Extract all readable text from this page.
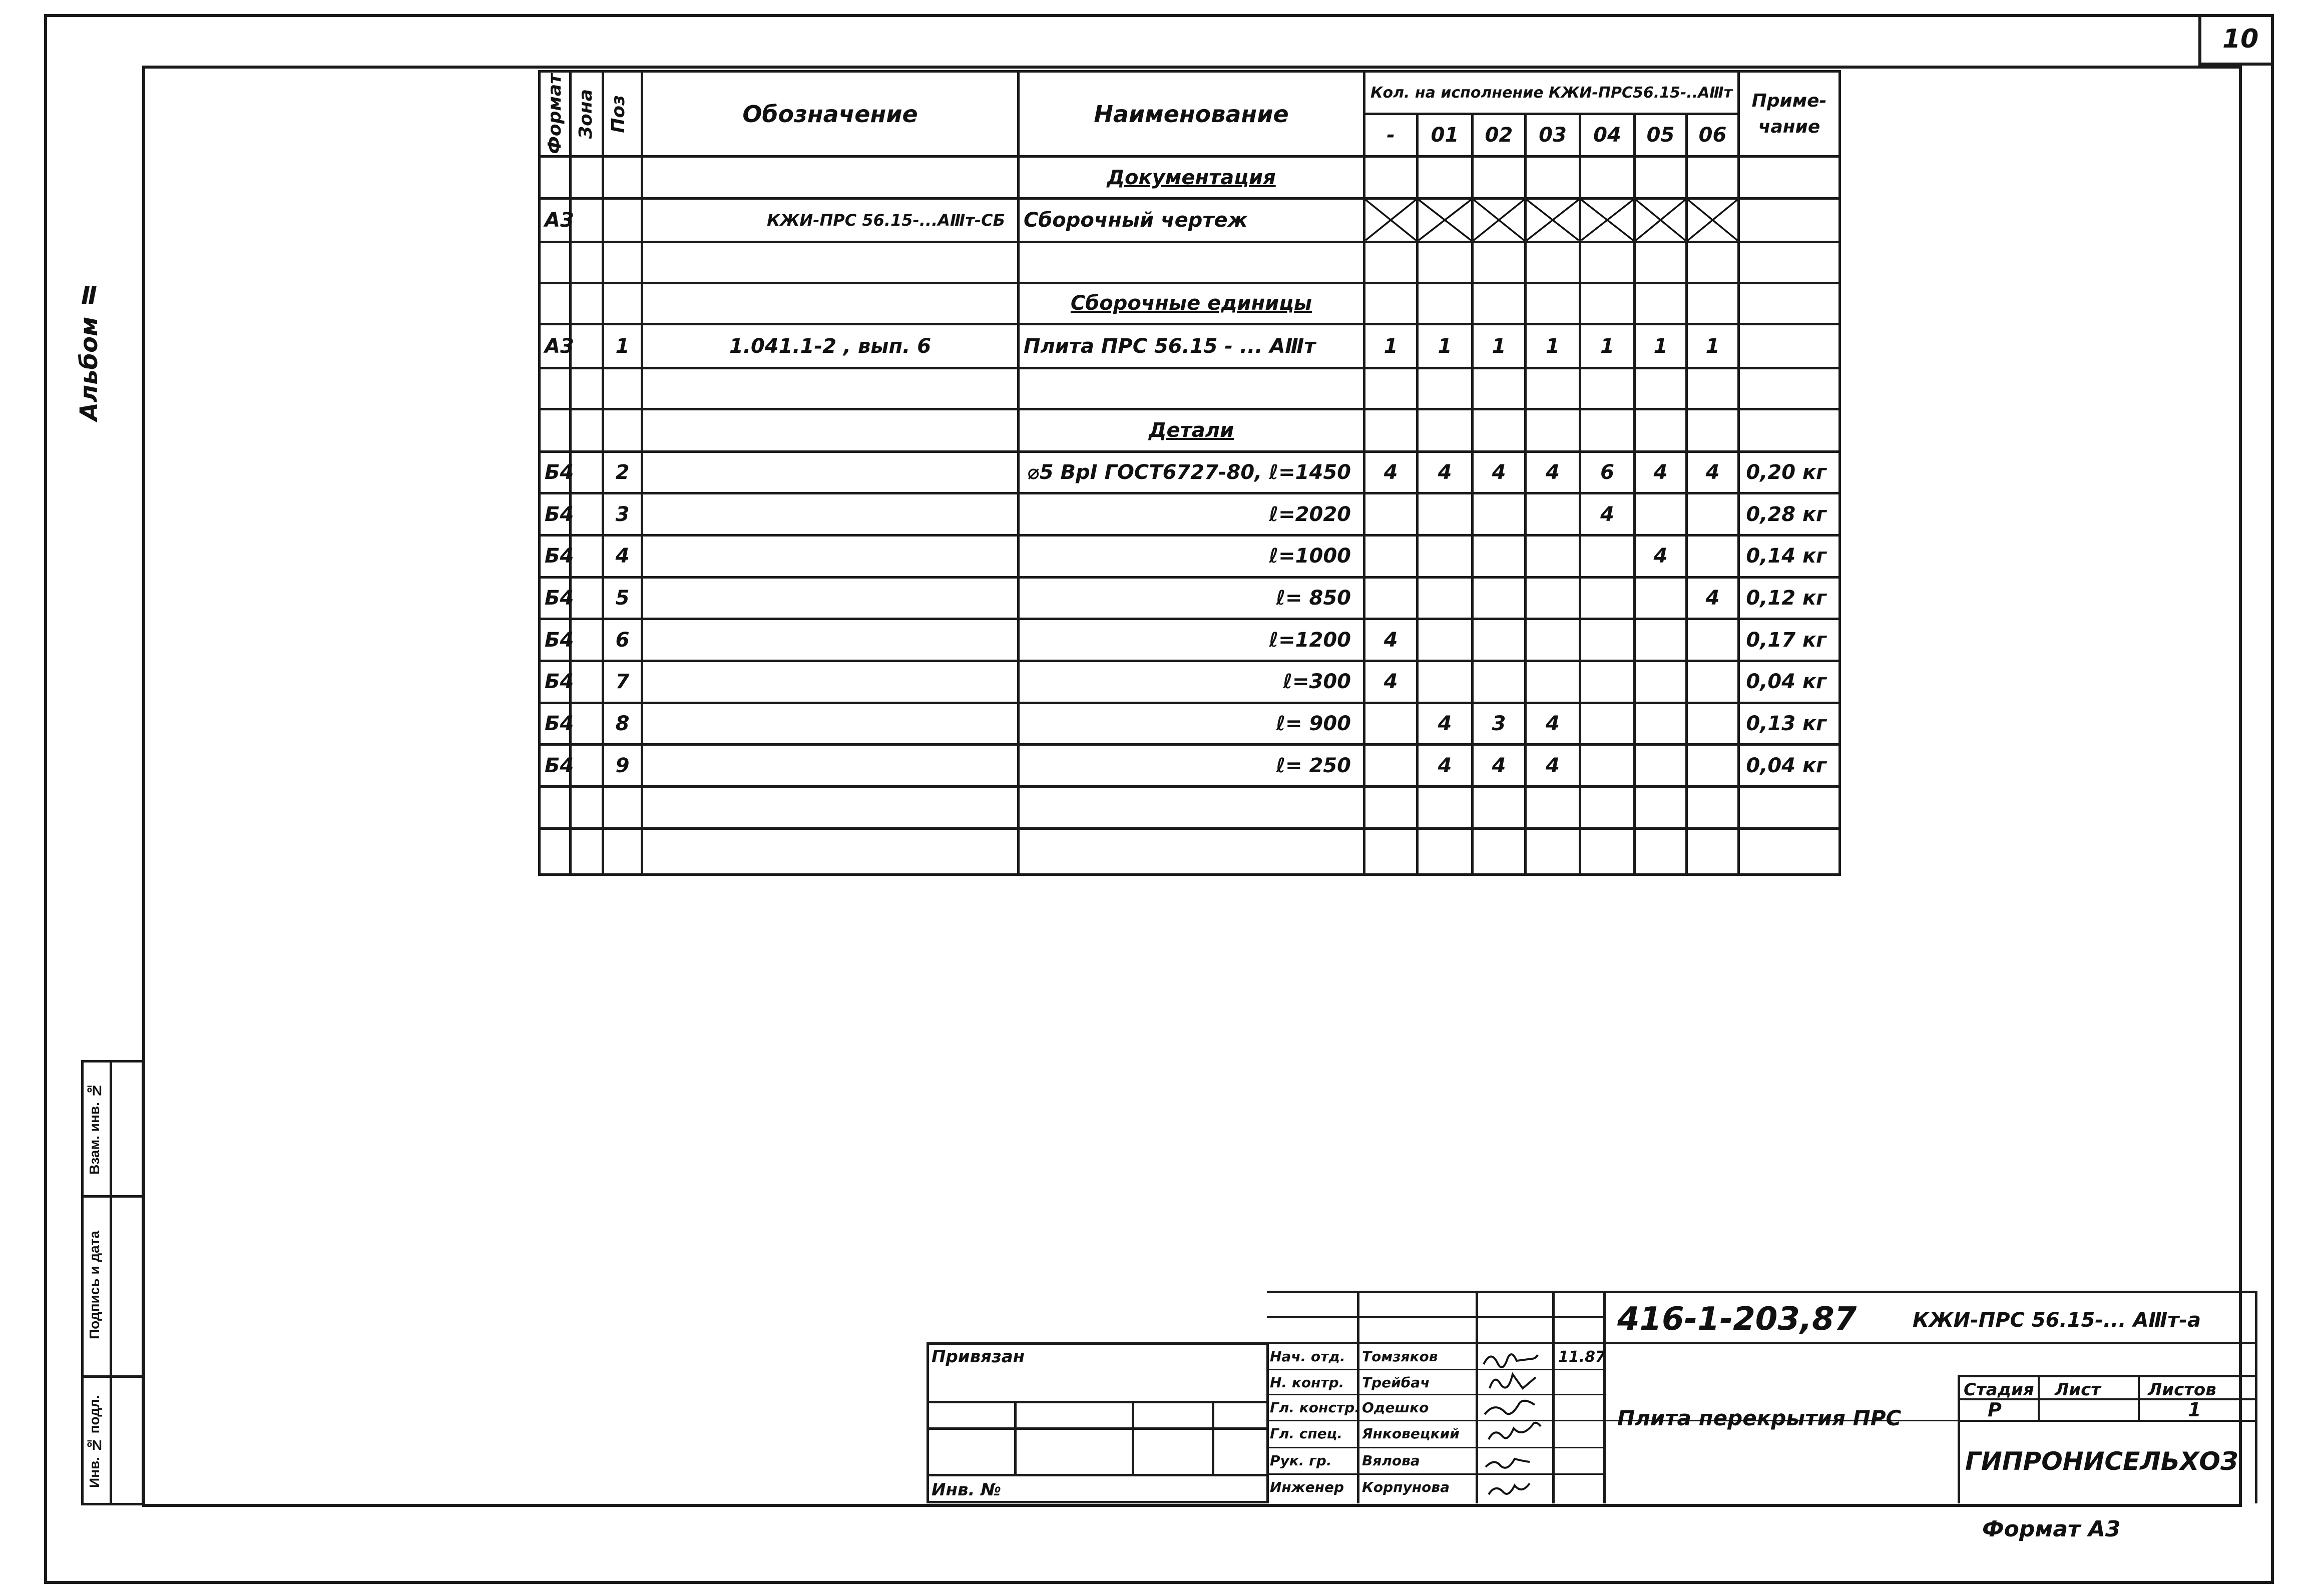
10
Альбом Ⅱ
Формат	Зона	Поз	Обозначение	Наименование	Кол. на исполнение КЖИ-ПРС56.15-..АⅢт							Приме-чание
					-	01	02	03	04	05	06	
				Документация								
А3			КЖИ-ПРС 56.15-...АⅢт-СБ	Сборочный чертеж	

				Сборочные единицы								
А3		1	1.041.1-2 , вып. 6	Плита ПРС 56.15 - ... АⅢт	1	1	1	1	1	1	1	

				Детали								
Б4		2		⌀5 ВрⅠ ГОСТ6727-80, ℓ=1450	4	4	4	4	6	4	4	0,20 кг
Б4		3		ℓ=2020					4			0,28 кг
Б4		4		ℓ=1000						4		0,14 кг
Б4		5		ℓ= 850							4	0,12 кг
Б4		6		ℓ=1200	4							0,17 кг
Б4		7		ℓ=300	4							0,04 кг
Б4		8		ℓ= 900		4	3	4				0,13 кг
Б4		9		ℓ= 250		4	4	4				0,04 кг

Взам. инв. №
Подпись и дата
Инв. № подл.
Привязан
Инв. №
Нач. отд. Томзяков
Н. контр. Трейбач
Гл. констр. Одешко
Гл. спец. Янковецкий
Рук. гр. Вялова
Инженер Корпунова
11.87
416-1-203,87	КЖИ-ПРС 56.15-... АⅢт-а
Плита перекрытия ПРС
Стадия Лист	Листов
Р	1
ГИПРОНИСЕЛЬХОЗ
Формат А3
